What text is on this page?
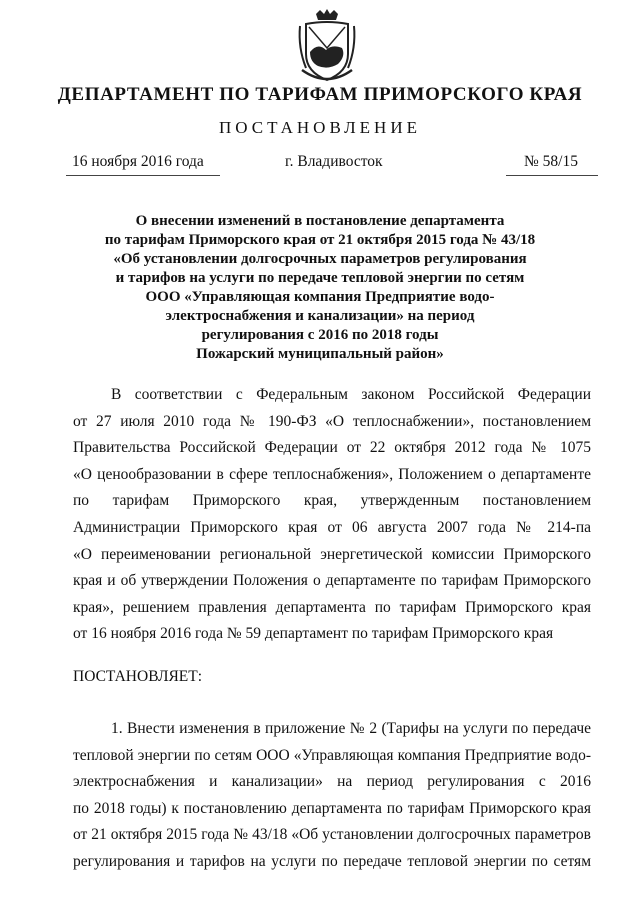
ДЕПАРТАМЕНТ ПО ТАРИФАМ ПРИМОРСКОГО КРАЯ
ПОСТАНОВЛЕНИЕ
16 ноября 2016 года	г. Владивосток	№ 58/15
О внесении изменений в постановление департамента
по тарифам Приморского края от 21 октября 2015 года № 43/18
«Об установлении долгосрочных параметров регулирования
и тарифов на услуги по передаче тепловой энергии по сетям
ООО «Управляющая компания Предприятие водо-
электроснабжения и канализации» на период
регулирования с 2016 по 2018 годы
Пожарский муниципальный район»
В соответствии с Федеральным законом Российской Федерации
от 27 июля 2010 года № 190-ФЗ «О теплоснабжении», постановлением
Правительства Российской Федерации от 22 октября 2012 года № 1075
«О ценообразовании в сфере теплоснабжения», Положением о департаменте
по тарифам Приморского края, утвержденным постановлением
Администрации Приморского края от 06 августа 2007 года № 214-па
«О переименовании региональной энергетической комиссии Приморского
края и об утверждении Положения о департаменте по тарифам Приморского
края», решением правления департамента по тарифам Приморского края
от 16 ноября 2016 года № 59 департамент по тарифам Приморского края
ПОСТАНОВЛЯЕТ:
1. Внести изменения в приложение № 2 (Тарифы на услуги по передаче
тепловой энергии по сетям ООО «Управляющая компания Предприятие водо-
электроснабжения и канализации» на период регулирования с 2016
по 2018 годы) к постановлению департамента по тарифам Приморского края
от 21 октября 2015 года № 43/18 «Об установлении долгосрочных параметров
регулирования и тарифов на услуги по передаче тепловой энергии по сетям
